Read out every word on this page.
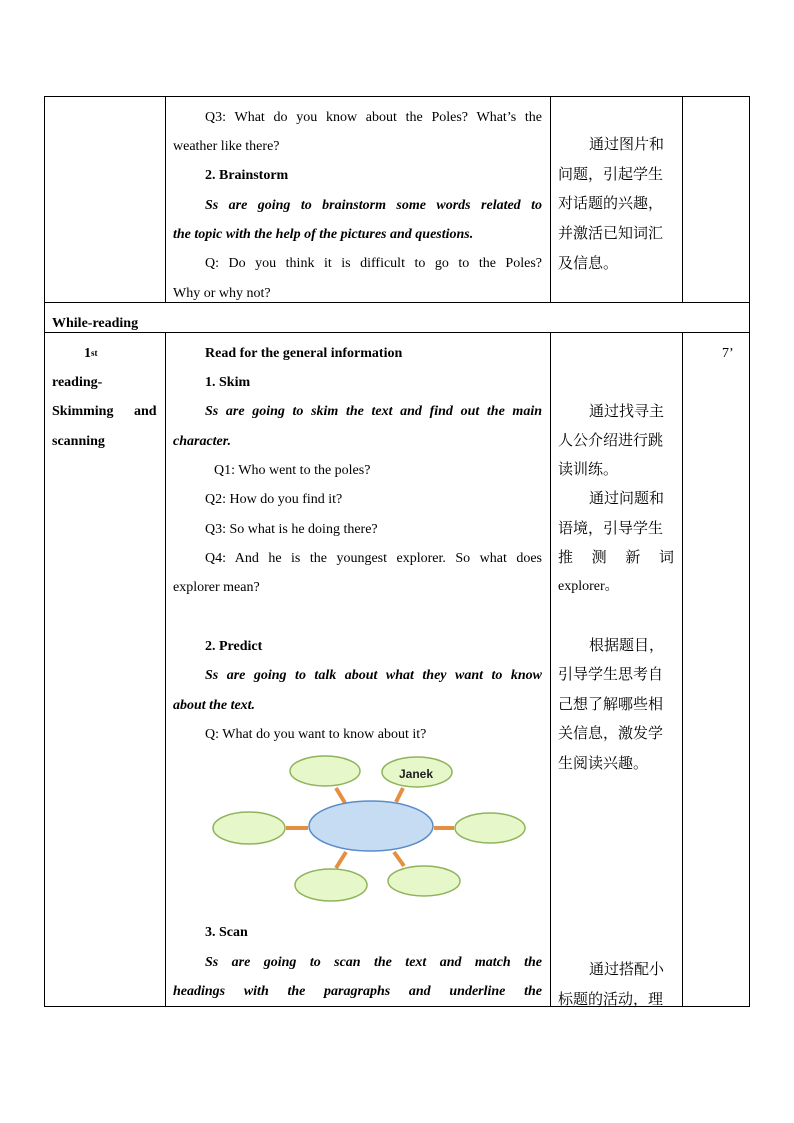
Q3: What do you know about the Poles? What’s the
weather like there?
2. Brainstorm
Ss are going to brainstorm some words related to
the topic with the help of the pictures and questions.
Q: Do you think it is difficult to go to the Poles?
Why or why not?
通过图片和
问题，引起学生
对话题的兴趣，
并激活已知词汇
及信息。
While-reading
1st
reading-
Skimming and
scanning
7’
Read for the general information
1. Skim
Ss are going to skim the text and find out the main
character.
Q1: Who went to the poles?
Q2: How do you find it?
Q3: So what is he doing there?
Q4: And he is the youngest explorer. So what does
explorer mean?
2. Predict
Ss are going to talk about what they want to know
about the text.
Q: What do you want to know about it?
Janek
3. Scan
Ss are going to scan the text and match the
headings with the paragraphs and underline the
通过找寻主
人公介绍进行跳
读训练。
通过问题和
语境，引导学生
推测新词
explorer。
根据题目，
引导学生思考自
己想了解哪些相
关信息，激发学
生阅读兴趣。
通过搭配小
标题的活动，理
